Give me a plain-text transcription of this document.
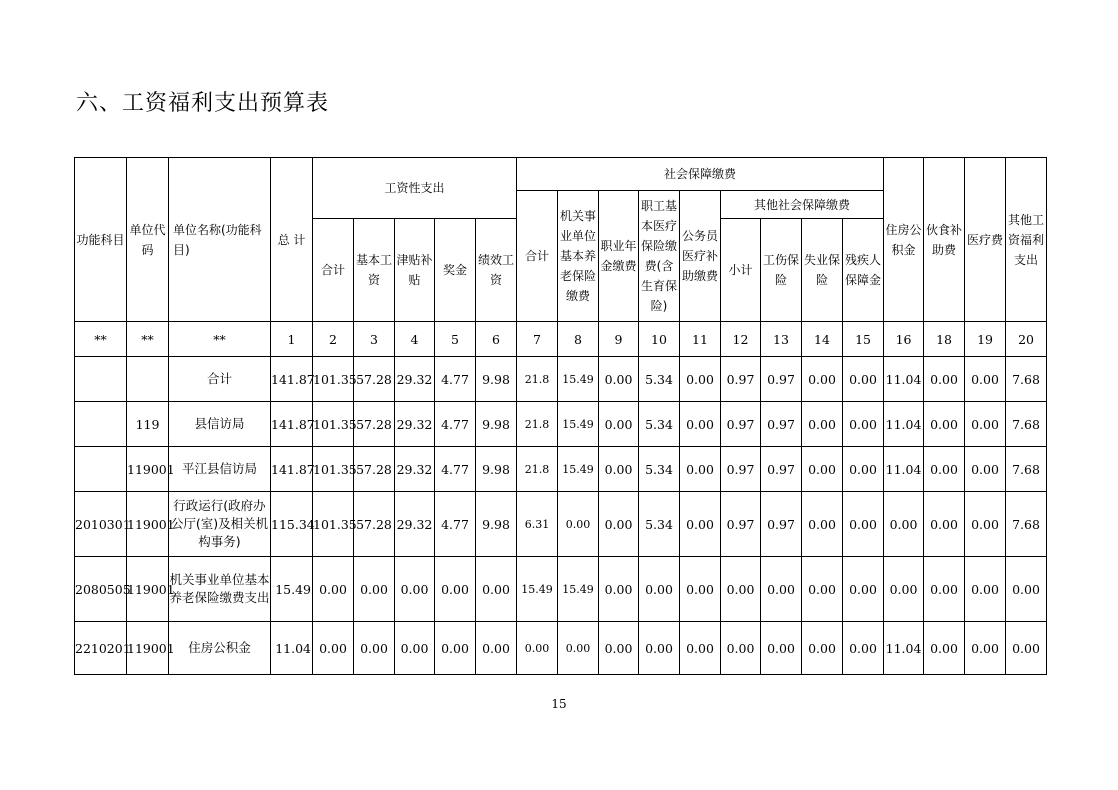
六、工资福利支出预算表
功能科目	单位代码	单位名称(功能科目)	总 计	工资性支出					社会保障缴费									住房公积金	伙食补助费	医疗费	其他工资福利支出
									合计	机关事业单位基本养老保险缴费	职业年金缴费	职工基本医疗保险缴费(含生育保险)	公务员医疗补助缴费	其他社会保障缴费							
				合计	基本工资	津贴补贴	奖金	绩效工资						小计	工伤保险	失业保险	残疾人保障金				
**	**	**	1	2	3	4	5	6	7	8	9	10	11	12	13	14	15	16	18	19	20
		合计	141.87	101.35	57.28	29.32	4.77	9.98	21.8	15.49	0.00	5.34	0.00	0.97	0.97	0.00	0.00	11.04	0.00	0.00	7.68
	119	县信访局	141.87	101.35	57.28	29.32	4.77	9.98	21.8	15.49	0.00	5.34	0.00	0.97	0.97	0.00	0.00	11.04	0.00	0.00	7.68
	119001	平江县信访局	141.87	101.35	57.28	29.32	4.77	9.98	21.8	15.49	0.00	5.34	0.00	0.97	0.97	0.00	0.00	11.04	0.00	0.00	7.68
2010301	119001	行政运行(政府办公厅(室)及相关机构事务)	115.34	101.35	57.28	29.32	4.77	9.98	6.31	0.00	0.00	5.34	0.00	0.97	0.97	0.00	0.00	0.00	0.00	0.00	7.68
2080505	119001	机关事业单位基本养老保险缴费支出	15.49	0.00	0.00	0.00	0.00	0.00	15.49	15.49	0.00	0.00	0.00	0.00	0.00	0.00	0.00	0.00	0.00	0.00	0.00
2210201	119001	住房公积金	11.04	0.00	0.00	0.00	0.00	0.00	0.00	0.00	0.00	0.00	0.00	0.00	0.00	0.00	0.00	11.04	0.00	0.00	0.00
15
